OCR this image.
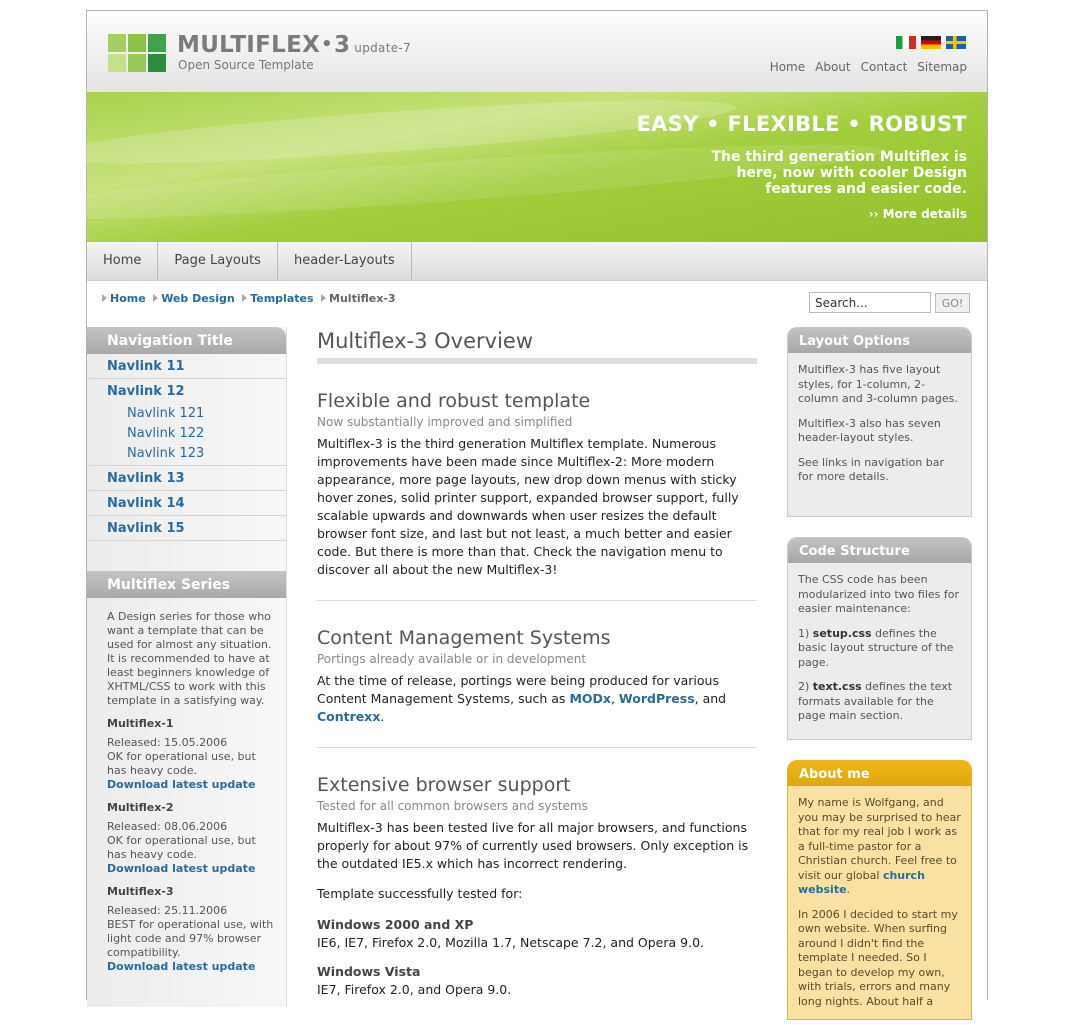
MULTIFLEX•3 update-7
Open Source Template	Home About Contact Sitemap
EASY • FLEXIBLE • ROBUST
The third generation Multiflex is here, now with cooler Design features and easier code.
›› More details
Home	Page Layouts	header-Layouts
Home Web Design Templates Multiflex-3
Search...	GO!
Navigation Title
Navlink 11
Navlink 12
Navlink 121
Navlink 122
Navlink 123
Navlink 13
Navlink 14
Navlink 15
Multiflex Series

A Design series for those who want a template that can be used for almost any situation. It is recommended to have at least beginners knowledge of XHTML/CSS to work with this template in a satisfying way.

Multiflex-1
Released: 15.05.2006
OK for operational use, but has heavy code.
Download latest update
Multiflex-2
Released: 08.06.2006
OK for operational use, but has heavy code.
Download latest update
Multiflex-3
Released: 25.11.2006
BEST for operational use, with light code and 97% browser compatibility.
Download latest update
Multiflex-3 Overview
Flexible and robust template
Now substantially improved and simplified

Multiflex-3 is the third generation Multiflex template. Numerous improvements have been made since Multiflex-2: More modern appearance, more page layouts, new drop down menus with sticky hover zones, solid printer support, expanded browser support, fully scalable upwards and downwards when user resizes the default browser font size, and last but not least, a much better and easier code. But there is more than that. Check the navigation menu to discover all about the new Multiflex-3!

Content Management Systems
Portings already available or in development

At the time of release, portings were being produced for various Content Management Systems, such as MODx, WordPress, and Contrexx.

Extensive browser support
Tested for all common browsers and systems

Multiflex-3 has been tested live for all major browsers, and functions properly for about 97% of currently used browsers. Only exception is the outdated IE5.x which has incorrect rendering.

Template successfully tested for:

Windows 2000 and XP
IE6, IE7, Firefox 2.0, Mozilla 1.7, Netscape 7.2, and Opera 9.0.

Windows Vista
IE7, Firefox 2.0, and Opera 9.0.

Layout Options

Multiflex-3 has five layout styles, for 1-column, 2-column and 3-column pages.

Multiflex-3 also has seven header-layout styles.

See links in navigation bar for more details.

Code Structure

The CSS code has been modularized into two files for easier maintenance:

1) setup.css defines the basic layout structure of the page.

2) text.css defines the text formats available for the page main section.

About me

My name is Wolfgang, and you may be surprised to hear that for my real job I work as a full-time pastor for a Christian church. Feel free to visit our global church website.

In 2006 I decided to start my own website. When surfing around I didn't find the template I needed. So I began to develop my own, with trials, errors and many long nights. About half a
